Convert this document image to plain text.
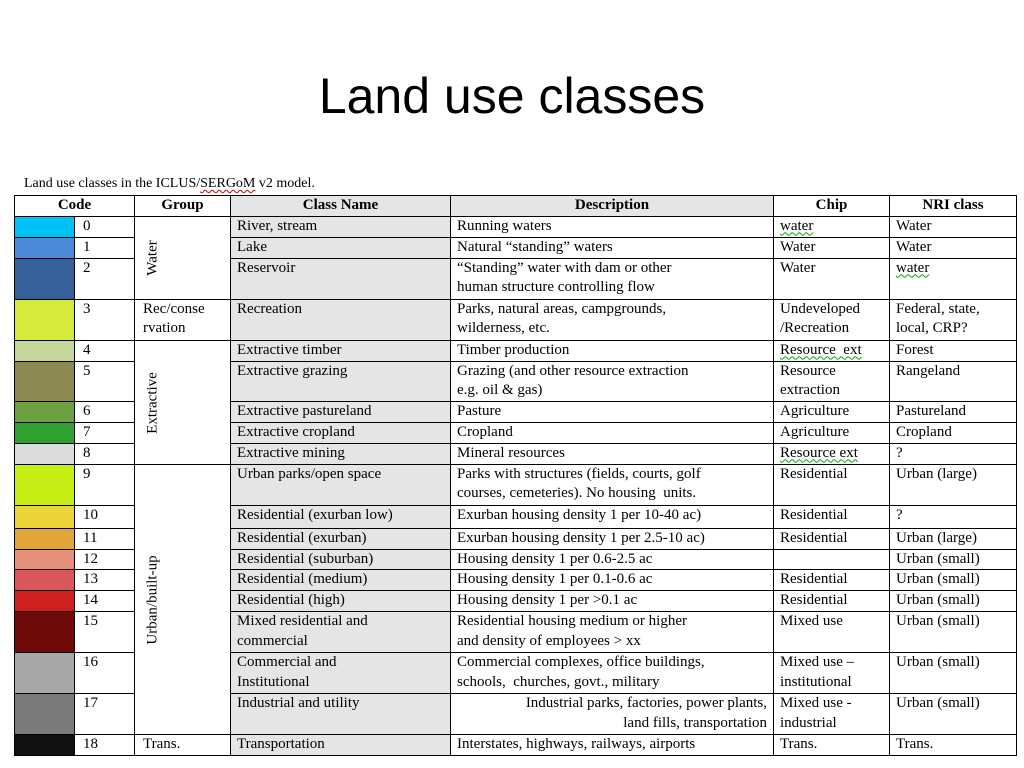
Land use classes
Land use classes in the ICLUS/SERGoM v2 model.
Code		Group	Class Name	Description	Chip	NRI class
	0	Water	River, stream	Running waters	water	Water
	1		Lake	Natural “standing” waters	Water	Water
	2		Reservoir	“Standing” water with dam or other
human structure controlling flow	Water	water
	3	Rec/conse
rvation	Recreation	Parks, natural areas, campgrounds,
wilderness, etc.	Undeveloped
/Recreation	Federal, state,
local, CRP?
	4	Extractive	Extractive timber	Timber production	Resource  ext	Forest
	5		Extractive grazing	Grazing (and other resource extraction
e.g. oil & gas)	Resource
extraction	Rangeland
	6		Extractive pastureland	Pasture	Agriculture	Pastureland
	7		Extractive cropland	Cropland	Agriculture	Cropland
	8		Extractive mining	Mineral resources	Resource ext	?
	9	Urban/built-up	Urban parks/open space	Parks with structures (fields, courts, golf
courses, cemeteries). No housing  units.	Residential	Urban (large)
	10		Residential (exurban low)	Exurban housing density 1 per 10-40 ac)	Residential	?
	11		Residential (exurban)	Exurban housing density 1 per 2.5-10 ac)	Residential	Urban (large)
	12		Residential (suburban)	Housing density 1 per 0.6-2.5 ac		Urban (small)
	13		Residential (medium)	Housing density 1 per 0.1-0.6 ac	Residential	Urban (small)
	14		Residential (high)	Housing density 1 per >0.1 ac	Residential	Urban (small)
	15		Mixed residential and
commercial	Residential housing medium or higher
and density of employees > xx	Mixed use	Urban (small)
	16		Commercial and
Institutional	Commercial complexes, office buildings,
schools,  churches, govt., military	Mixed use –
institutional	Urban (small)
	17		Industrial and utility	Industrial parks, factories, power plants,
land fills, transportation	Mixed use -
industrial	Urban (small)
	18	Trans.	Transportation	Interstates, highways, railways, airports	Trans.	Trans.
